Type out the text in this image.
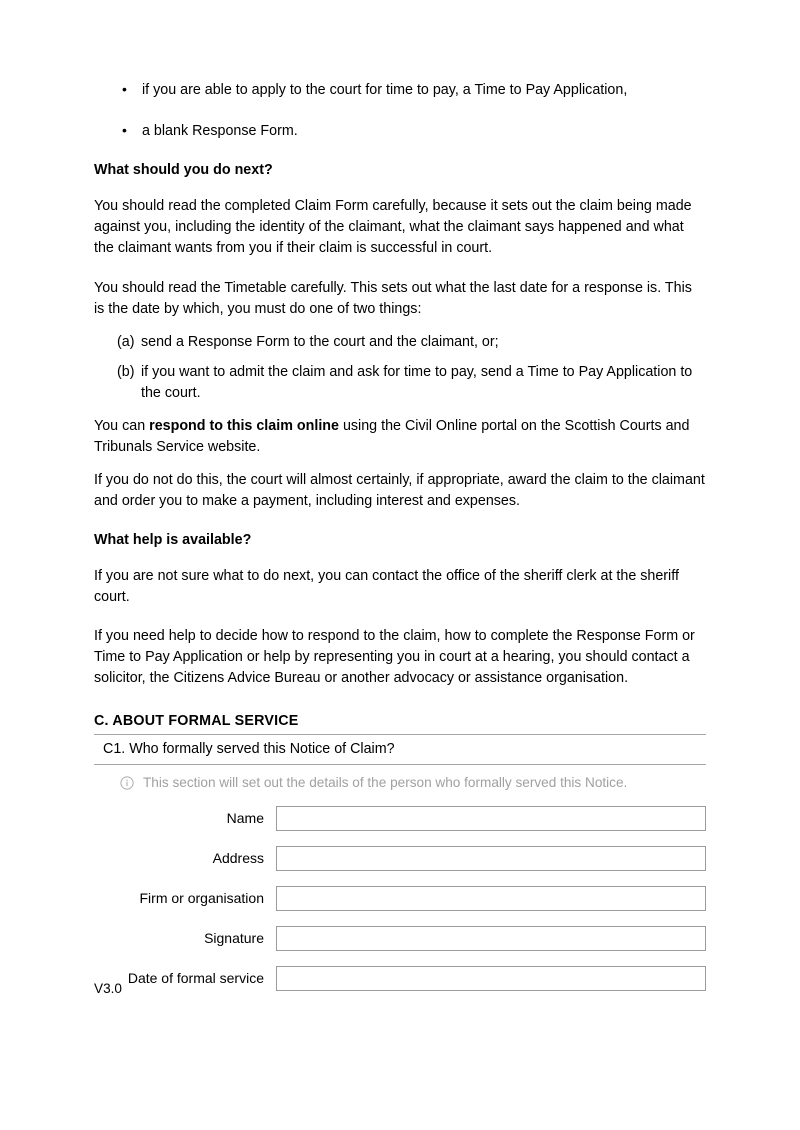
• if you are able to apply to the court for time to pay, a Time to Pay Application,
• a blank Response Form.
What should you do next?

You should read the completed Claim Form carefully, because it sets out the claim being made against you, including the identity of the claimant, what the claimant says happened and what the claimant wants from you if their claim is successful in court.

You should read the Timetable carefully. This sets out what the last date for a response is. This is the date by which, you must do one of two things:

(a) send a Response Form to the court and the claimant, or;
(b) if you want to admit the claim and ask for time to pay, send a Time to Pay Application to the court.

You can respond to this claim online using the Civil Online portal on the Scottish Courts and Tribunals Service website.

If you do not do this, the court will almost certainly, if appropriate, award the claim to the claimant and order you to make a payment, including interest and expenses.

What help is available?

If you are not sure what to do next, you can contact the office of the sheriff clerk at the sheriff court.

If you need help to decide how to respond to the claim, how to complete the Response Form or Time to Pay Application or help by representing you in court at a hearing, you should contact a solicitor, the Citizens Advice Bureau or another advocacy or assistance organisation.

C. ABOUT FORMAL SERVICE
C1. Who formally served this Notice of Claim?
This section will set out the details of the person who formally served this Notice.
Name
Address
Firm or organisation
Signature
Date of formal service
V3.0
